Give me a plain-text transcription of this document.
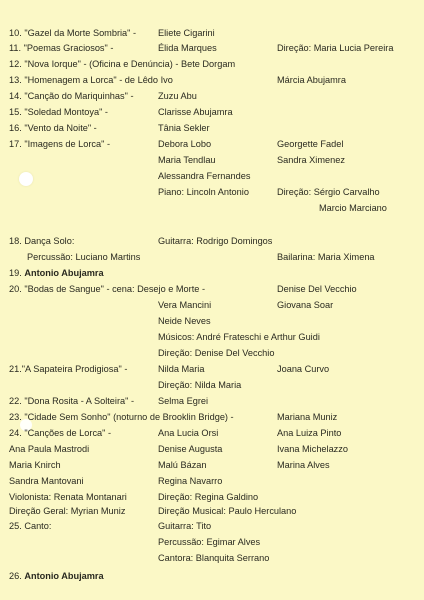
10. "Gazel da Morte Sombria" - Eliete Cigarini
11. "Poemas Graciosos" -	Élida Marques	Direção: Maria Lucia Pereira
12. "Nova Iorque" - (Oficina e Denúncia) - Bete Dorgam
13. "Homenagem a Lorca" - de Lêdo Ivo	Márcia Abujamra
14. "Canção do Mariquinhas" -	Zuzu Abu
15. "Soledad Montoya" -	Clarisse Abujamra
16. "Vento da Noite" -	Tânia Sekler
17. "Imagens de Lorca" -	Debora Lobo	Georgette Fadel
Maria Tendlau	Sandra Ximenez
Alessandra Fernandes
Piano: Lincoln Antonio	Direção: Sérgio Carvalho
Marcio Marciano
18. Dança Solo:	Guitarra: Rodrigo Domingos
Percussão: Luciano Martins	Bailarina: Maria Ximena
19. Antonio Abujamra
20. "Bodas de Sangue" - cena: Desejo e Morte -	Denise Del Vecchio
Vera Mancini	Giovana Soar
Neide Neves
Músicos: André Frateschi e Arthur Guidi
Direção: Denise Del Vecchio
21."A Sapateira Prodigiosa" -	Nilda Maria	Joana Curvo
Direção: Nilda Maria
22. "Dona Rosita - A Solteira" -	Selma Egrei
23. "Cidade Sem Sonho" (noturno de Brooklin Bridge) -	Mariana Muniz
24. "Canções de Lorca" -	Ana Lucia Orsi	Ana Luiza Pinto
Ana Paula Mastrodi	Denise Augusta	Ivana Michelazzo
Maria Knirch	Malú Bázan	Marina Alves
Sandra Mantovani	Regina Navarro
Violonista: Renata Montanari	Direção: Regina Galdino
Direção Geral: Myrian Muniz	Direção Musical: Paulo Herculano
25. Canto:	Guitarra: Tito
Percussão: Egimar Alves
Cantora: Blanquita Serrano
26. Antonio Abujamra
